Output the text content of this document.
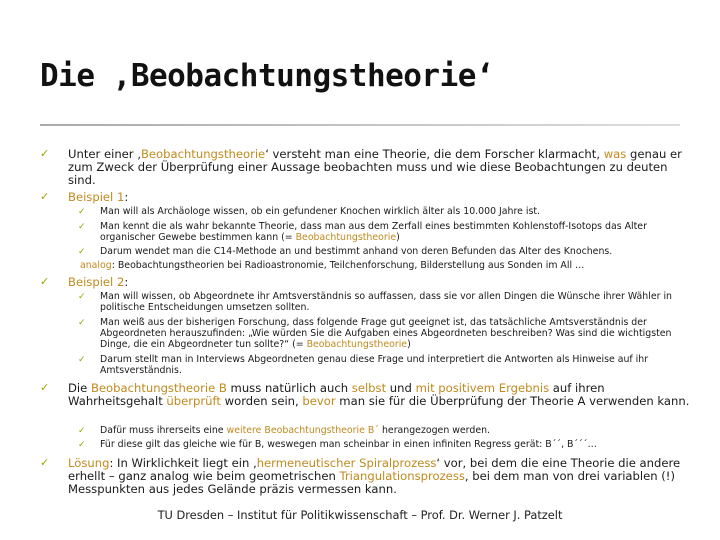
Die ‚Beobachtungstheorie‘
✓ Unter einer ‚Beobachtungstheorie‘ versteht man eine Theorie, die dem Forscher klarmacht, was genau er zum Zweck der Überprüfung einer Aussage beobachten muss und wie diese Beobachtungen zu deuten sind.
✓ Beispiel 1:
✓ Man will als Archäologe wissen, ob ein gefundener Knochen wirklich älter als 10.000 Jahre ist.
✓ Man kennt die als wahr bekannte Theorie, dass man aus dem Zerfall eines bestimmten Kohlenstoff-Isotops das Alter organischer Gewebe bestimmen kann (= Beobachtungstheorie)
✓ Darum wendet man die C14-Methode an und bestimmt anhand von deren Befunden das Alter des Knochens.
analog: Beobachtungstheorien bei Radioastronomie, Teilchenforschung, Bilderstellung aus Sonden im All …
✓ Beispiel 2:
✓ Man will wissen, ob Abgeordnete ihr Amtsverständnis so auffassen, dass sie vor allen Dingen die Wünsche ihrer Wähler in politische Entscheidungen umsetzen sollten.
✓ Man weiß aus der bisherigen Forschung, dass folgende Frage gut geeignet ist, das tatsächliche Amtsverständnis der Abgeordneten herauszufinden: „Wie würden Sie die Aufgaben eines Abgeordneten beschreiben? Was sind die wichtigsten Dinge, die ein Abgeordneter tun sollte?“ (= Beobachtungstheorie)
✓ Darum stellt man in Interviews Abgeordneten genau diese Frage und interpretiert die Antworten als Hinweise auf ihr Amtsverständnis.
✓ Die Beobachtungstheorie B muss natürlich auch selbst und mit positivem Ergebnis auf ihren Wahrheitsgehalt überprüft worden sein, bevor man sie für die Überprüfung der Theorie A verwenden kann.
✓ Dafür muss ihrerseits eine weitere Beobachtungstheorie B´ herangezogen werden.
✓ Für diese gilt das gleiche wie für B, weswegen man scheinbar in einen infiniten Regress gerät: B´´, B´´´…
✓ Lösung: In Wirklichkeit liegt ein ‚hermeneutischer Spiralprozess‘ vor, bei dem die eine Theorie die andere erhellt – ganz analog wie beim geometrischen Triangulationsprozess, bei dem man von drei variablen (!) Messpunkten aus jedes Gelände präzis vermessen kann.
TU Dresden – Institut für Politikwissenschaft – Prof. Dr. Werner J. Patzelt
